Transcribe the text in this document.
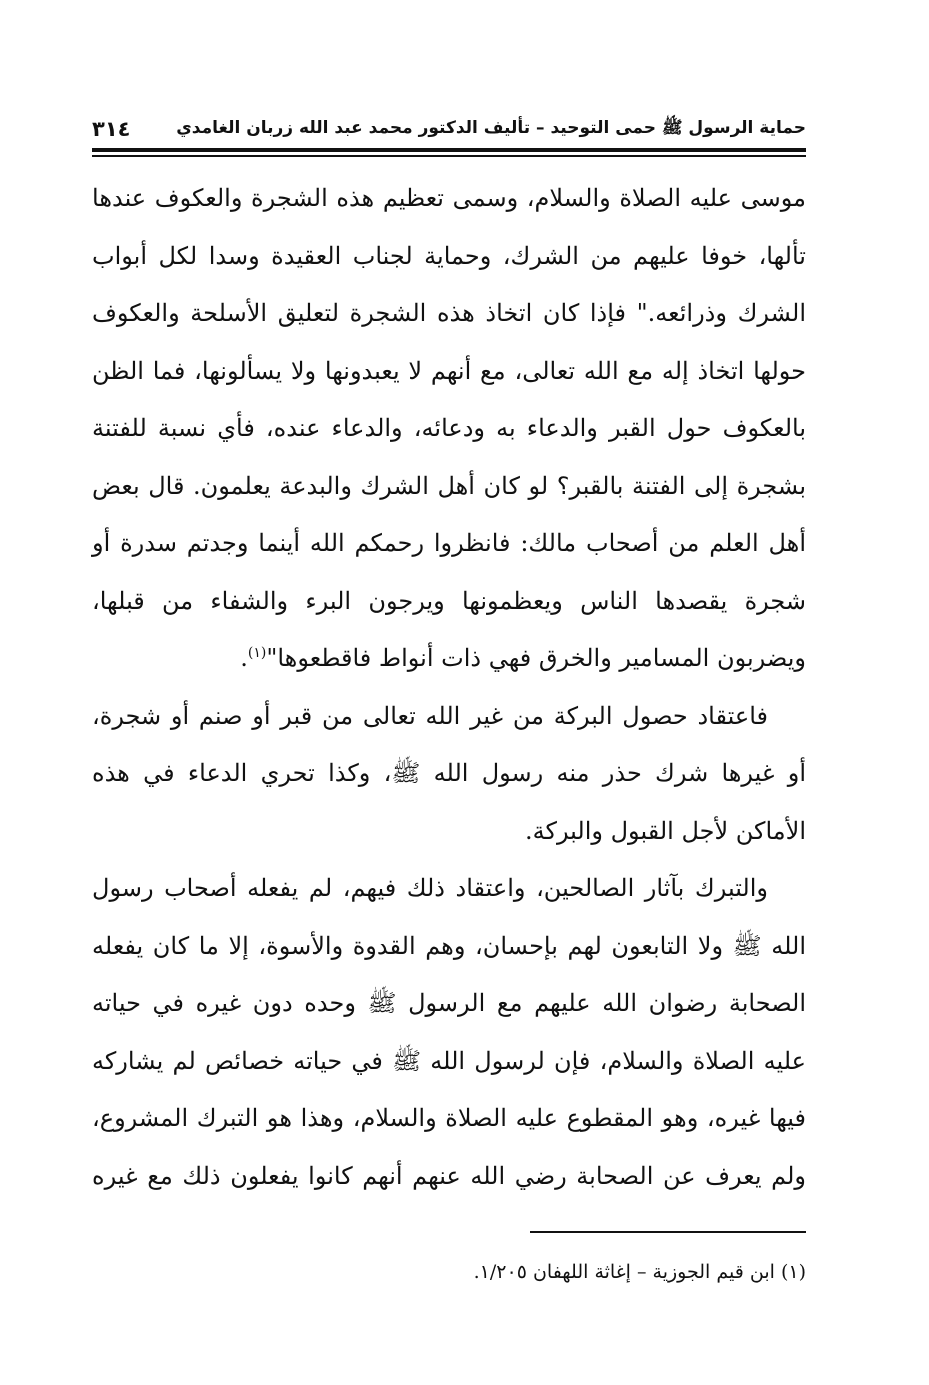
حماية الرسول ﷺ حمى التوحيد – تأليف الدكتور محمد عبد الله زربان الغامدي
٣١٤

موسى عليه الصلاة والسلام، وسمى تعظيم هذه الشجرة والعكوف عندها تألها، خوفا عليهم من الشرك، وحماية لجناب العقيدة وسدا لكل أبواب الشرك وذرائعه." فإذا كان اتخاذ هذه الشجرة لتعليق الأسلحة والعكوف حولها اتخاذ إله مع الله تعالى، مع أنهم لا يعبدونها ولا يسألونها، فما الظن بالعكوف حول القبر والدعاء به ودعائه، والدعاء عنده، فأي نسبة للفتنة بشجرة إلى الفتنة بالقبر؟ لو كان أهل الشرك والبدعة يعلمون. قال بعض أهل العلم من أصحاب مالك: فانظروا رحمكم الله أينما وجدتم سدرة أو شجرة يقصدها الناس ويعظمونها ويرجون البرء والشفاء من قبلها، ويضربون المسامير والخرق فهي ذات أنواط فاقطعوها"$^{(١)}$.

فاعتقاد حصول البركة من غير الله تعالى من قبر أو صنم أو شجرة، أو غيرها شرك حذر منه رسول الله ﷺ، وكذا تحري الدعاء في هذه الأماكن لأجل القبول والبركة.

والتبرك بآثار الصالحين، واعتقاد ذلك فيهم، لم يفعله أصحاب رسول الله ﷺ ولا التابعون لهم بإحسان، وهم القدوة والأسوة، إلا ما كان يفعله الصحابة رضوان الله عليهم مع الرسول ﷺ وحده دون غيره في حياته عليه الصلاة والسلام، فإن لرسول الله ﷺ في حياته خصائص لم يشاركه فيها غيره، وهو المقطوع عليه الصلاة والسلام، وهذا هو التبرك المشروع، ولم يعرف عن الصحابة رضي الله عنهم أنهم كانوا يفعلون ذلك مع غيره

(١) ابن قيم الجوزية – إغاثة اللهفان ١/٢٠٥.
